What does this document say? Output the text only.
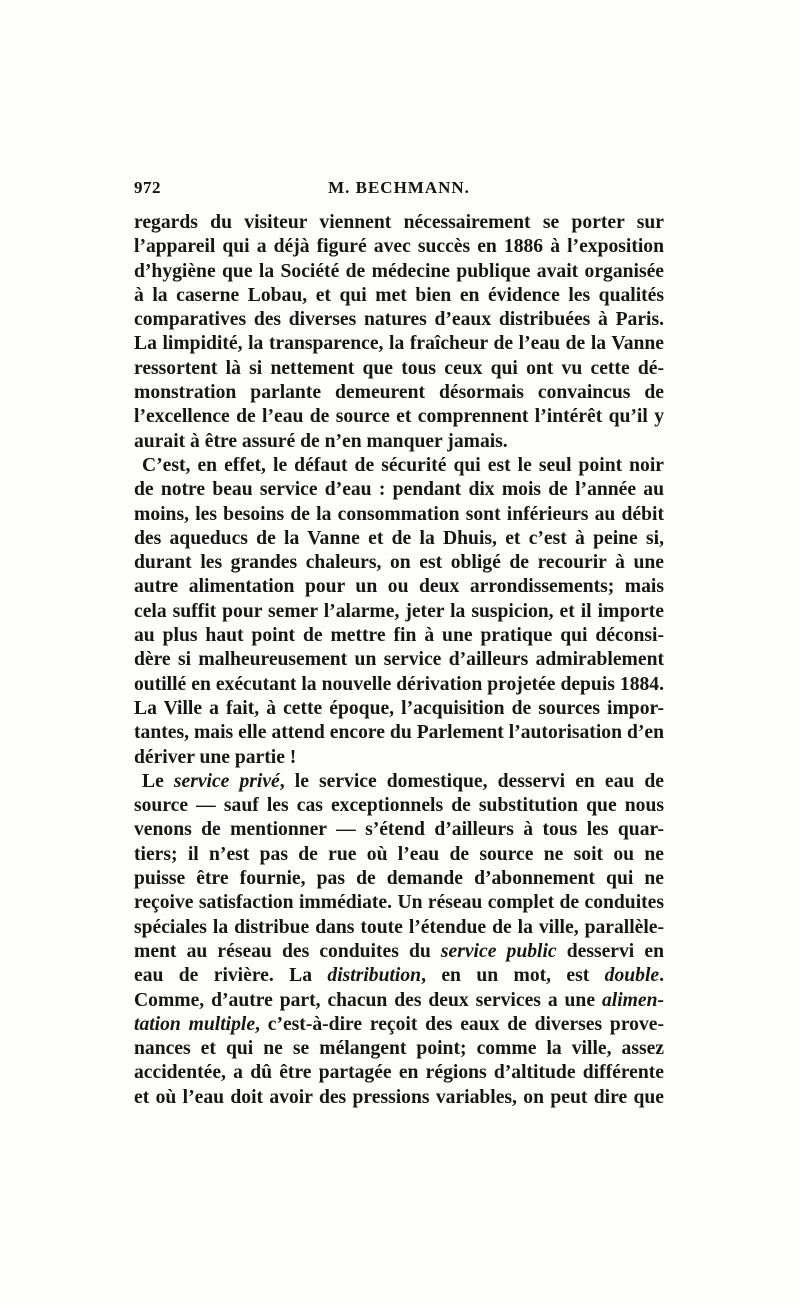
972	M. BECHMANN.
regards du visiteur viennent nécessairement se porter sur
l’appareil qui a déjà figuré avec succès en 1886 à l’exposition
d’hygiène que la Société de médecine publique avait organisée
à la caserne Lobau, et qui met bien en évidence les qualités
comparatives des diverses natures d’eaux distribuées à Paris.
La limpidité, la transparence, la fraîcheur de l’eau de la Vanne
ressortent là si nettement que tous ceux qui ont vu cette dé-
monstration parlante demeurent désormais convaincus de
l’excellence de l’eau de source et comprennent l’intérêt qu’il y
aurait à être assuré de n’en manquer jamais.
C’est, en effet, le défaut de sécurité qui est le seul point noir
de notre beau service d’eau : pendant dix mois de l’année au
moins, les besoins de la consommation sont inférieurs au débit
des aqueducs de la Vanne et de la Dhuis, et c’est à peine si,
durant les grandes chaleurs, on est obligé de recourir à une
autre alimentation pour un ou deux arrondissements; mais
cela suffit pour semer l’alarme, jeter la suspicion, et il importe
au plus haut point de mettre fin à une pratique qui déconsi-
dère si malheureusement un service d’ailleurs admirablement
outillé en exécutant la nouvelle dérivation projetée depuis 1884.
La Ville a fait, à cette époque, l’acquisition de sources impor-
tantes, mais elle attend encore du Parlement l’autorisation d’en
dériver une partie !
Le service privé, le service domestique, desservi en eau de
source — sauf les cas exceptionnels de substitution que nous
venons de mentionner — s’étend d’ailleurs à tous les quar-
tiers; il n’est pas de rue où l’eau de source ne soit ou ne
puisse être fournie, pas de demande d’abonnement qui ne
reçoive satisfaction immédiate. Un réseau complet de conduites
spéciales la distribue dans toute l’étendue de la ville, parallèle-
ment au réseau des conduites du service public desservi en
eau de rivière. La distribution, en un mot, est double.
Comme, d’autre part, chacun des deux services a une alimen-
tation multiple, c’est-à-dire reçoit des eaux de diverses prove-
nances et qui ne se mélangent point; comme la ville, assez
accidentée, a dû être partagée en régions d’altitude différente
et où l’eau doit avoir des pressions variables, on peut dire que
